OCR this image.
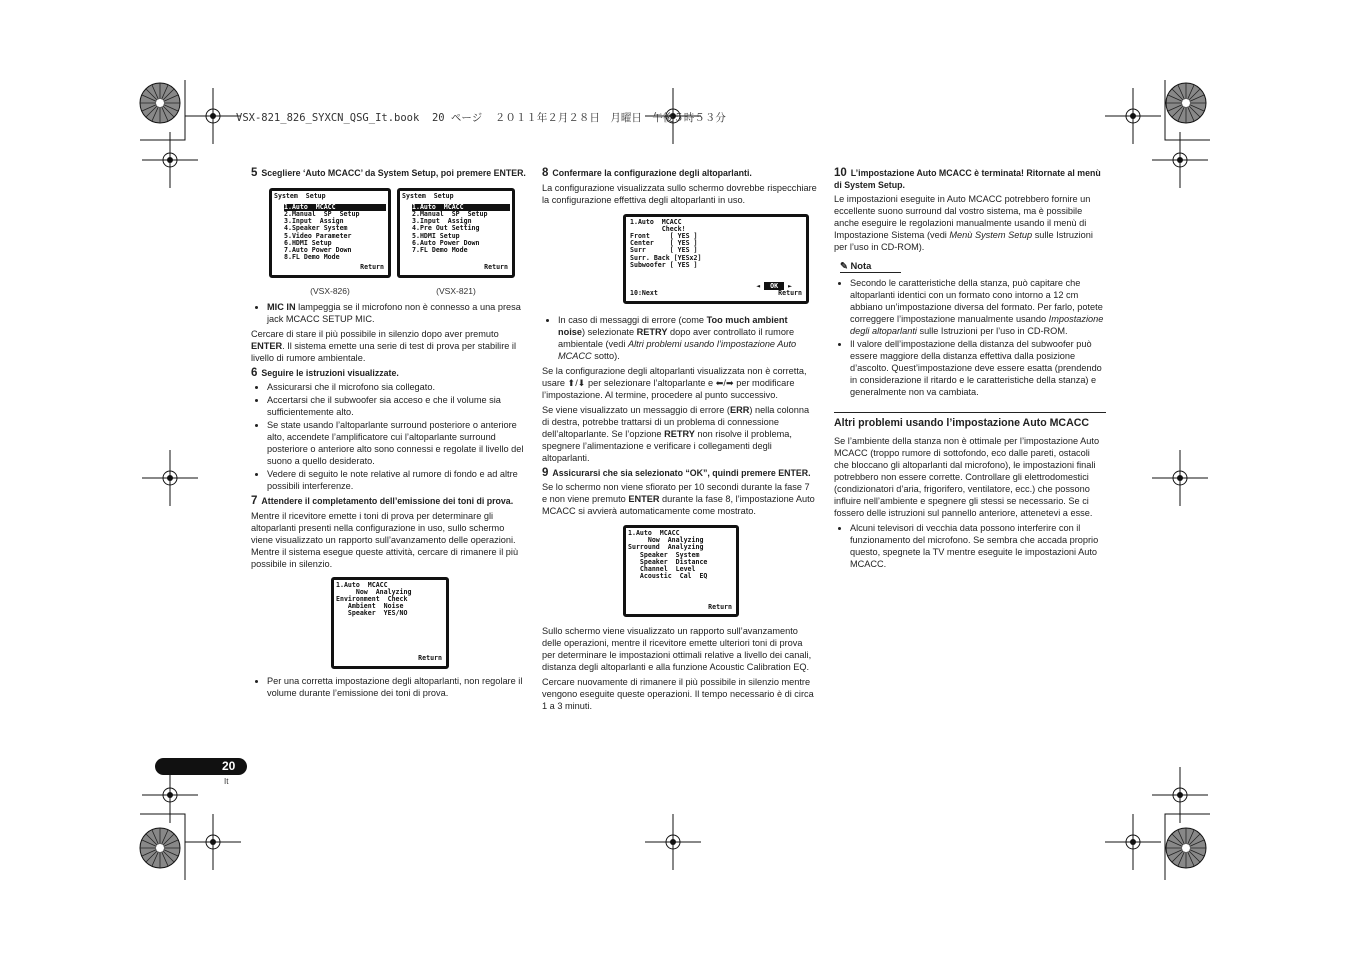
VSX-821_826_SYXCN_QSG_It.book  20 ページ  ２０１１年２月２８日　月曜日　午後５時５３分
5 Scegliere ‘Auto MCACC’ da System Setup, poi premere ENTER.
System  Setup
1.Auto  MCACC
2.Manual  SP  Setup
3.Input  Assign
4.Speaker System
5.Video Parameter
6.HDMI Setup
7.Auto Power Down
8.FL Demo Mode
Return
(VSX-826)
System  Setup
1.Auto  MCACC
2.Manual  SP  Setup
3.Input  Assign
4.Pre Out Setting
5.HDMI Setup
6.Auto Power Down
7.FL Demo Mode
Return
(VSX-821)
• MIC IN lampeggia se il microfono non è connesso a una presa jack MCACC SETUP MIC.

Cercare di stare il più possibile in silenzio dopo aver premuto ENTER. Il sistema emette una serie di test di prova per stabilire il livello di rumore ambientale.

6 Seguire le istruzioni visualizzate.
• Assicurarsi che il microfono sia collegato.
• Accertarsi che il subwoofer sia acceso e che il volume sia sufficientemente alto.
• Se state usando l’altoparlante surround posteriore o anteriore alto, accendete l’amplificatore cui l’altoparlante surround posteriore o anteriore alto sono connessi e regolate il livello del suono a quello desiderato.
• Vedere di seguito le note relative al rumore di fondo e ad altre possibili interferenze.
7 Attendere il completamento dell’emissione dei toni di prova.

Mentre il ricevitore emette i toni di prova per determinare gli altoparlanti presenti nella configurazione in uso, sullo schermo viene visualizzato un rapporto sull’avanzamento delle operazioni. Mentre il sistema esegue queste attività, cercare di rimanere il più possibile in silenzio.

1.Auto  MCACC
Now  Analyzing
Environment  Check
Ambient  Noise
Speaker  YES/NO
Return
• Per una corretta impostazione degli altoparlanti, non regolare il volume durante l’emissione dei toni di prova.
8 Confermare la configurazione degli altoparlanti.

La configurazione visualizzata sullo schermo dovrebbe rispecchiare la configurazione effettiva degli altoparlanti in uso.

1.Auto  MCACC
Check!
Front     [ YES ]
Center    [ YES ]
Surr      [ YES ]
Surr. Back [YESx2]
Subwoofer [ YES ]
10:Next
◄ OK ►
Return
• In caso di messaggi di errore (come Too much ambient noise) selezionate RETRY dopo aver controllato il rumore ambientale (vedi Altri problemi usando l’impostazione Auto MCACC sotto).

Se la configurazione degli altoparlanti visualizzata non è corretta, usare ⬆/⬇ per selezionare l’altoparlante e ⬅/➡ per modificare l’impostazione. Al termine, procedere al punto successivo.

Se viene visualizzato un messaggio di errore (ERR) nella colonna di destra, potrebbe trattarsi di un problema di connessione dell’altoparlante. Se l’opzione RETRY non risolve il problema, spegnere l’alimentazione e verificare i collegamenti degli altoparlanti.

9 Assicurarsi che sia selezionato “OK”, quindi premere ENTER.

Se lo schermo non viene sfiorato per 10 secondi durante la fase 7 e non viene premuto ENTER durante la fase 8, l’impostazione Auto MCACC si avvierà automaticamente come mostrato.

1.Auto  MCACC
Now  Analyzing
Surround  Analyzing
Speaker  System
Speaker  Distance
Channel  Level
Acoustic  Cal  EQ
Return

Sullo schermo viene visualizzato un rapporto sull’avanzamento delle operazioni, mentre il ricevitore emette ulteriori toni di prova per determinare le impostazioni ottimali relative a livello dei canali, distanza degli altoparlanti e alla funzione Acoustic Calibration EQ.

Cercare nuovamente di rimanere il più possibile in silenzio mentre vengono eseguite queste operazioni. Il tempo necessario è di circa 1 a 3 minuti.

10 L’impostazione Auto MCACC è terminata! Ritornate al menù di System Setup.

Le impostazioni eseguite in Auto MCACC potrebbero fornire un eccellente suono surround dal vostro sistema, ma è possibile anche eseguire le regolazioni manualmente usando il menù di Impostazione Sistema (vedi Menù System Setup sulle Istruzioni per l’uso in CD-ROM).

✎ Nota
• Secondo le caratteristiche della stanza, può capitare che altoparlanti identici con un formato cono intorno a 12 cm abbiano un’impostazione diversa del formato. Per farlo, potete correggere l’impostazione manualmente usando Impostazione degli altoparlanti sulle Istruzioni per l’uso in CD-ROM.
• Il valore dell’impostazione della distanza del subwoofer può essere maggiore della distanza effettiva dalla posizione d’ascolto. Quest’impostazione deve essere esatta (prendendo in considerazione il ritardo e le caratteristiche della stanza) e generalmente non va cambiata.
Altri problemi usando l’impostazione Auto MCACC

Se l’ambiente della stanza non è ottimale per l’impostazione Auto MCACC (troppo rumore di sottofondo, eco dalle pareti, ostacoli che bloccano gli altoparlanti dal microfono), le impostazioni finali potrebbero non essere corrette. Controllare gli elettrodomestici (condizionatori d’aria, frigorifero, ventilatore, ecc.) che possono influire nell’ambiente e spegnere gli stessi se necessario. Se ci fossero delle istruzioni sul pannello anteriore, attenetevi a esse.

• Alcuni televisori di vecchia data possono interferire con il funzionamento del microfono. Se sembra che accada proprio questo, spegnete la TV mentre eseguite le impostazioni Auto MCACC.
20
It
